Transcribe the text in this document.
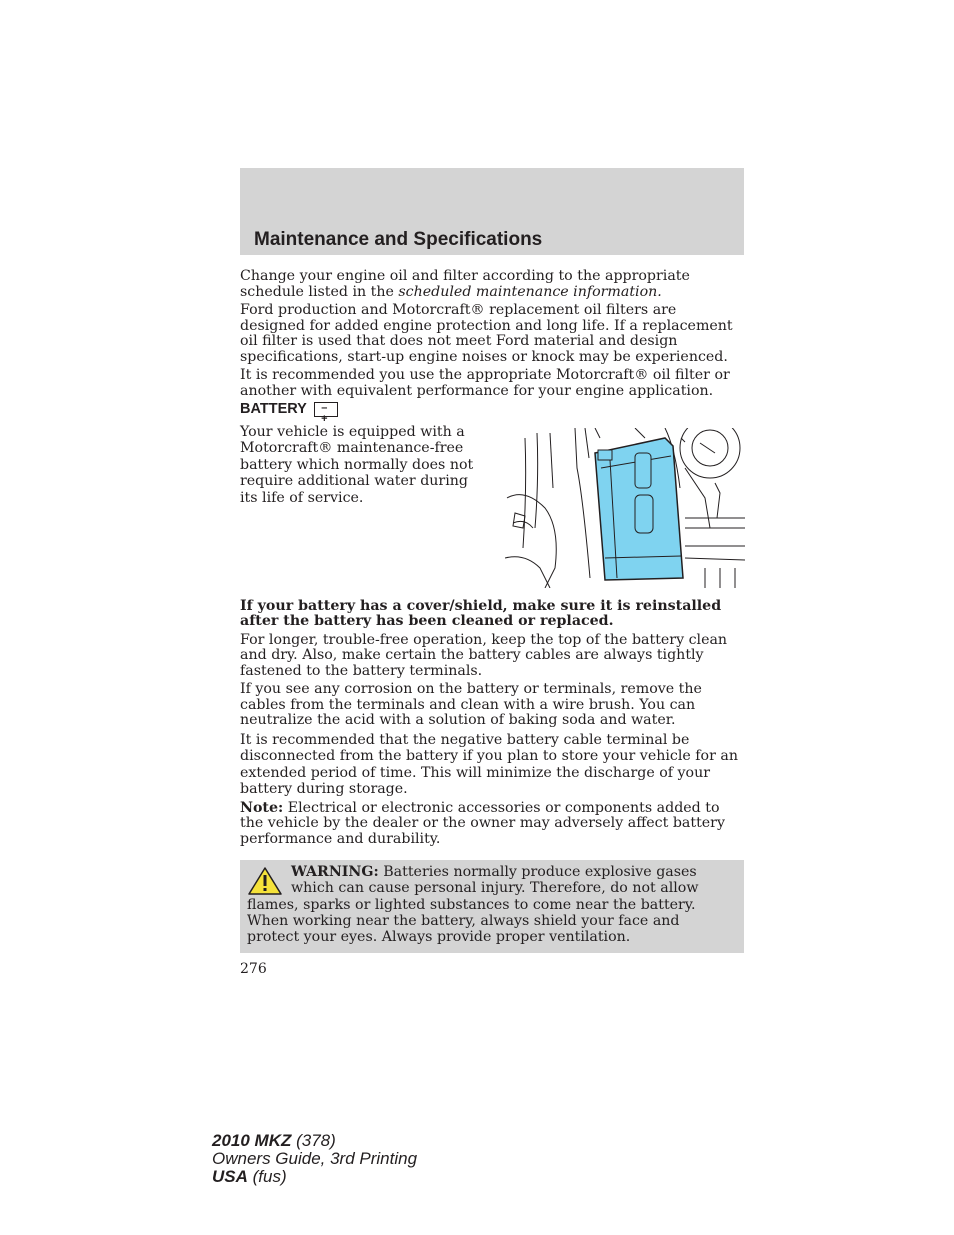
Maintenance and Specifications

Change your engine oil and filter according to the appropriate schedule listed in the scheduled maintenance information.

Ford production and Motorcraft® replacement oil filters are designed for added engine protection and long life. If a replacement oil filter is used that does not meet Ford material and design specifications, start-up engine noises or knock may be experienced.

It is recommended you use the appropriate Motorcraft® oil filter or another with equivalent performance for your engine application.

BATTERY	– +
Your vehicle is equipped with a Motorcraft® maintenance-free battery which normally does not require additional water during its life of service.

If your battery has a cover/shield, make sure it is reinstalled after the battery has been cleaned or replaced.

For longer, trouble-free operation, keep the top of the battery clean and dry. Also, make certain the battery cables are always tightly fastened to the battery terminals.

If you see any corrosion on the battery or terminals, remove the cables from the terminals and clean with a wire brush. You can neutralize the acid with a solution of baking soda and water.

It is recommended that the negative battery cable terminal be disconnected from the battery if you plan to store your vehicle for an extended period of time. This will minimize the discharge of your battery during storage.

Note: Electrical or electronic accessories or components added to the vehicle by the dealer or the owner may adversely affect battery performance and durability.

WARNING: Batteries normally produce explosive gases which can cause personal injury. Therefore, do not allow flames, sparks or lighted substances to come near the battery. When working near the battery, always shield your face and protect your eyes. Always provide proper ventilation.
276
2010 MKZ (378)
Owners Guide, 3rd Printing
USA (fus)
